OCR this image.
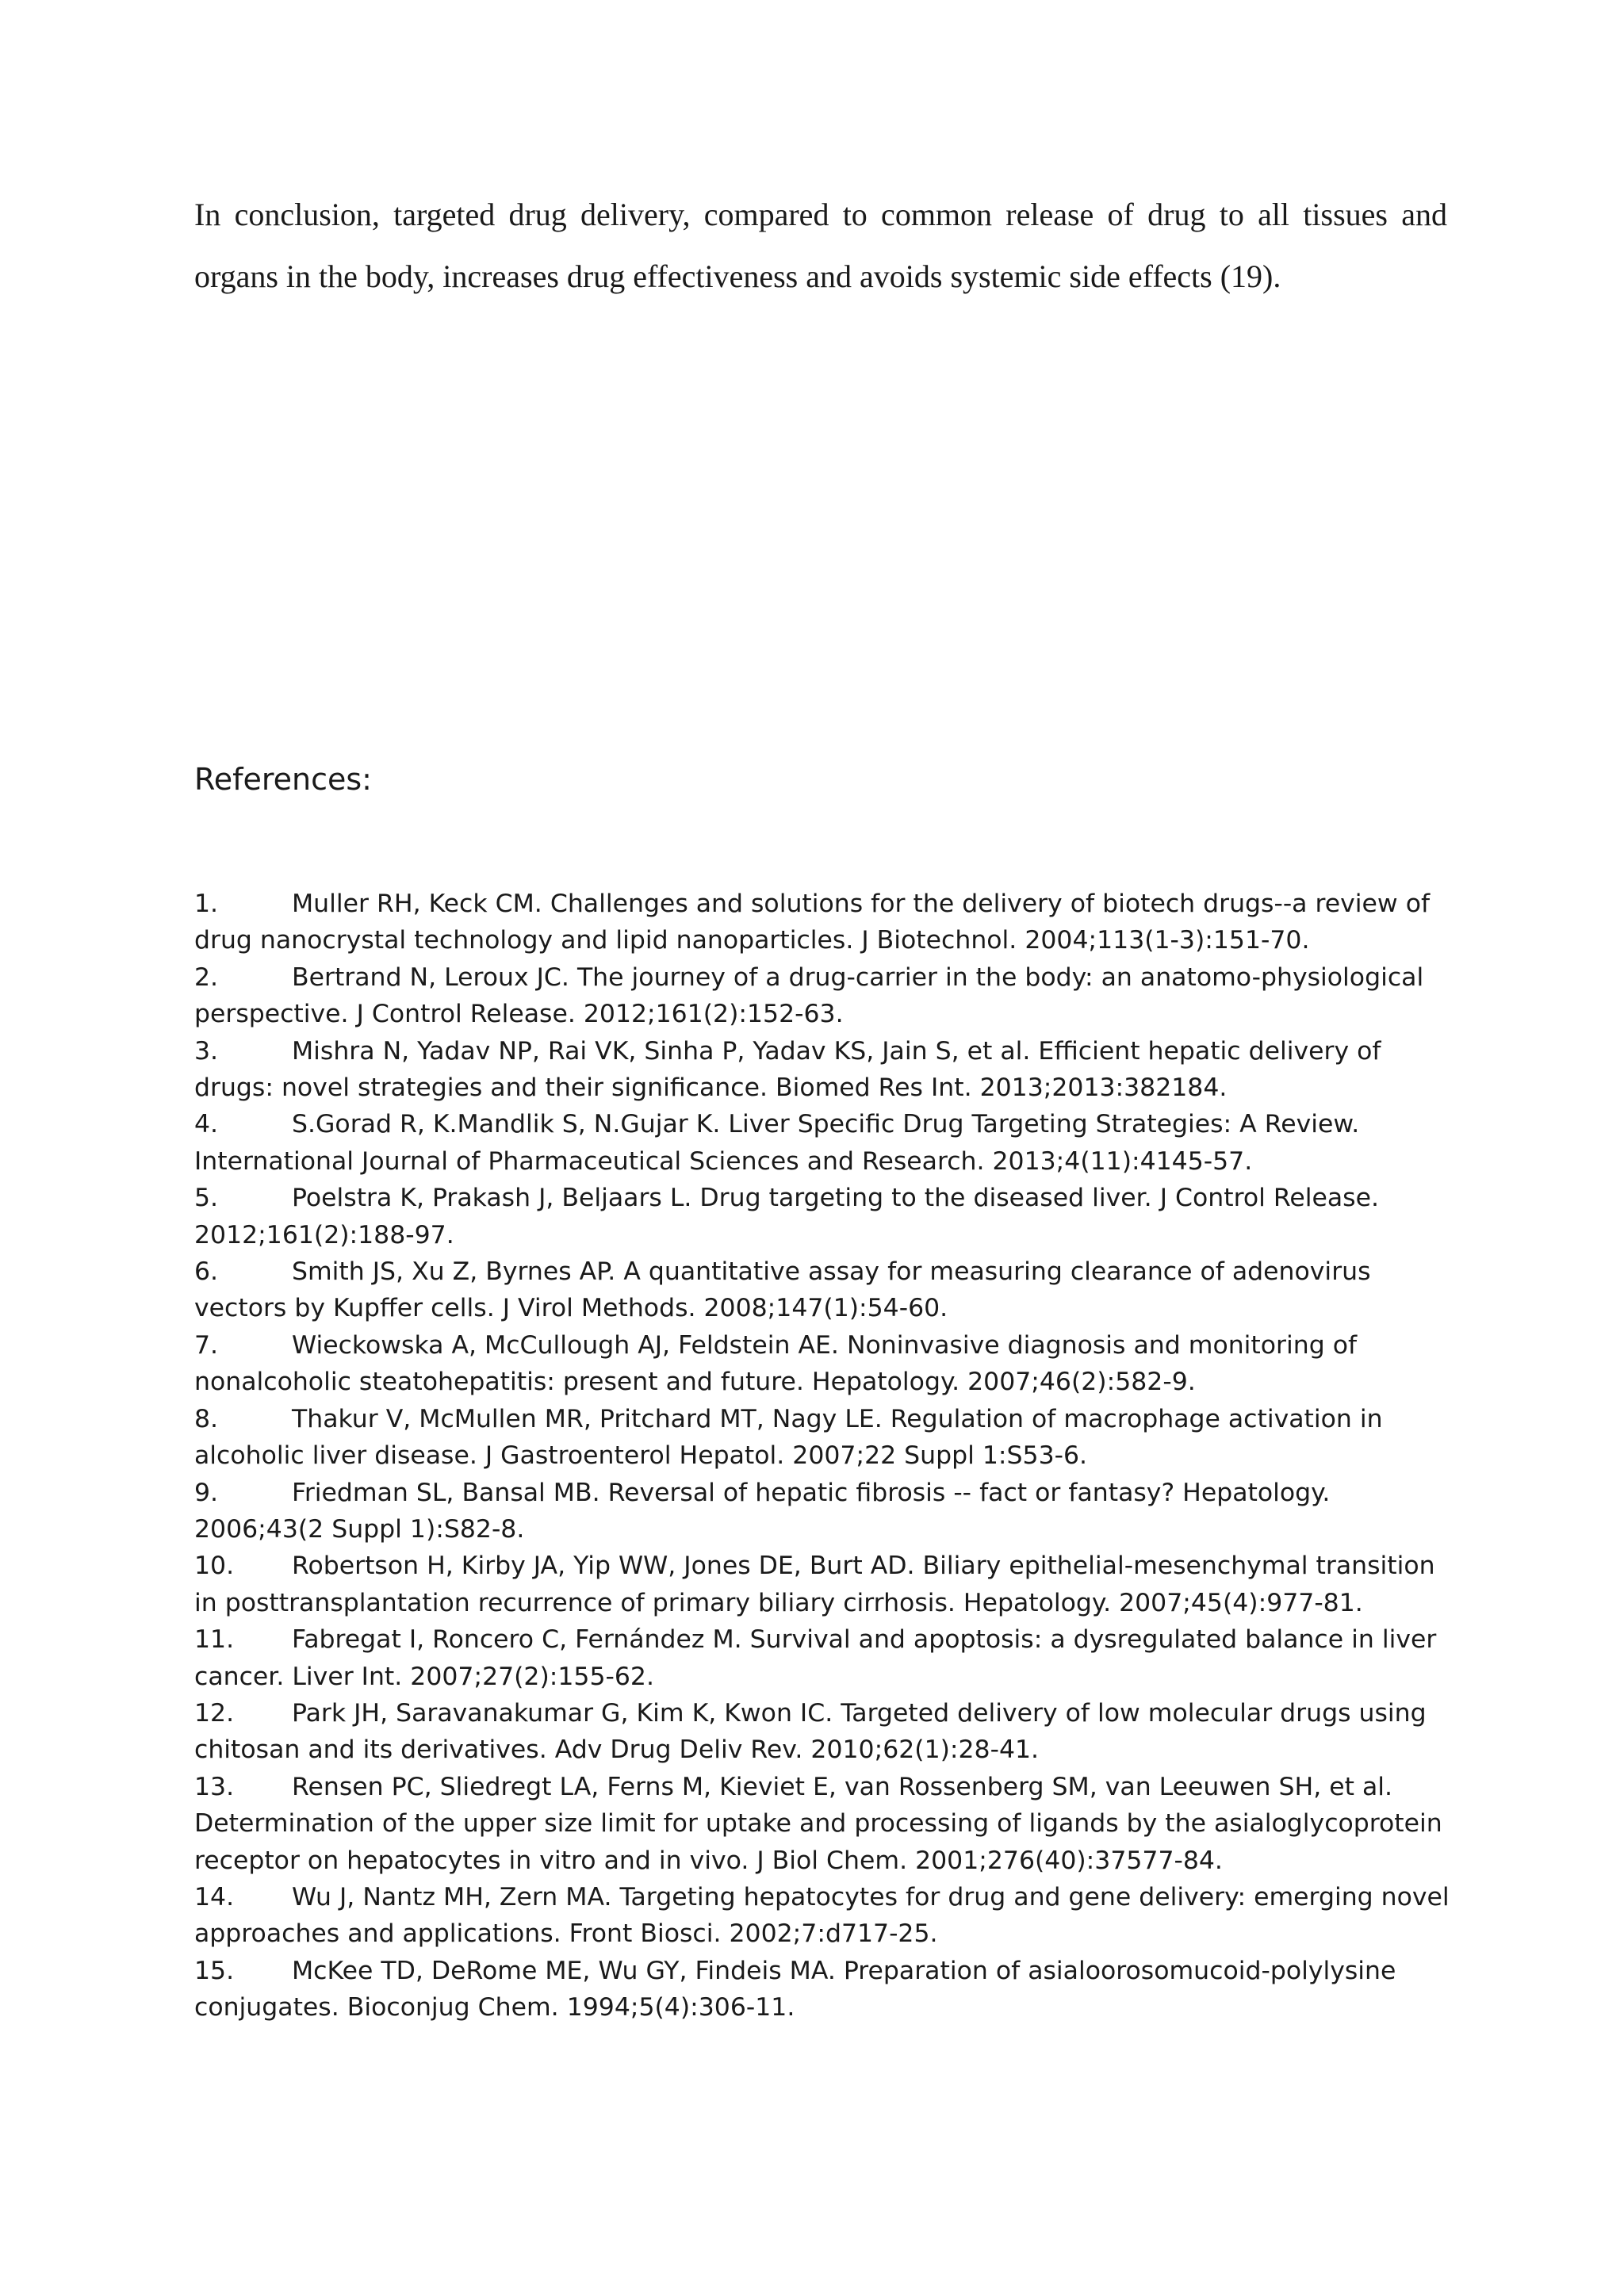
In conclusion, targeted drug delivery, compared to common release of drug to all tissues and organs in the body, increases drug effectiveness and avoids systemic side effects (19).

References:
1.	Muller RH, Keck CM. Challenges and solutions for the delivery of biotech drugs--a review of drug nanocrystal technology and lipid nanoparticles. J Biotechnol. 2004;113(1-3):151-70.
2.	Bertrand N, Leroux JC. The journey of a drug-carrier in the body: an anatomo-physiological perspective. J Control Release. 2012;161(2):152-63.
3.	Mishra N, Yadav NP, Rai VK, Sinha P, Yadav KS, Jain S, et al. Efficient hepatic delivery of drugs: novel strategies and their significance. Biomed Res Int. 2013;2013:382184.
4.	S.Gorad R, K.Mandlik S, N.Gujar K. Liver Specific Drug Targeting Strategies: A Review. International Journal of Pharmaceutical Sciences and Research. 2013;4(11):4145-57.
5.	Poelstra K, Prakash J, Beljaars L. Drug targeting to the diseased liver. J Control Release. 2012;161(2):188-97.
6.	Smith JS, Xu Z, Byrnes AP. A quantitative assay for measuring clearance of adenovirus vectors by Kupffer cells. J Virol Methods. 2008;147(1):54-60.
7.	Wieckowska A, McCullough AJ, Feldstein AE. Noninvasive diagnosis and monitoring of nonalcoholic steatohepatitis: present and future. Hepatology. 2007;46(2):582-9.
8.	Thakur V, McMullen MR, Pritchard MT, Nagy LE. Regulation of macrophage activation in alcoholic liver disease. J Gastroenterol Hepatol. 2007;22 Suppl 1:S53-6.
9.	Friedman SL, Bansal MB. Reversal of hepatic fibrosis -- fact or fantasy? Hepatology. 2006;43(2 Suppl 1):S82-8.
10. Robertson H, Kirby JA, Yip WW, Jones DE, Burt AD. Biliary epithelial-mesenchymal transition in posttransplantation recurrence of primary biliary cirrhosis. Hepatology. 2007;45(4):977-81.
11. Fabregat I, Roncero C, Fernández M. Survival and apoptosis: a dysregulated balance in liver cancer. Liver Int. 2007;27(2):155-62.
12. Park JH, Saravanakumar G, Kim K, Kwon IC. Targeted delivery of low molecular drugs using chitosan and its derivatives. Adv Drug Deliv Rev. 2010;62(1):28-41.
13. Rensen PC, Sliedregt LA, Ferns M, Kieviet E, van Rossenberg SM, van Leeuwen SH, et al. Determination of the upper size limit for uptake and processing of ligands by the asialoglycoprotein receptor on hepatocytes in vitro and in vivo. J Biol Chem. 2001;276(40):37577-84.
14. Wu J, Nantz MH, Zern MA. Targeting hepatocytes for drug and gene delivery: emerging novel approaches and applications. Front Biosci. 2002;7:d717-25.
15. McKee TD, DeRome ME, Wu GY, Findeis MA. Preparation of asialoorosomucoid-polylysine conjugates. Bioconjug Chem. 1994;5(4):306-11.
